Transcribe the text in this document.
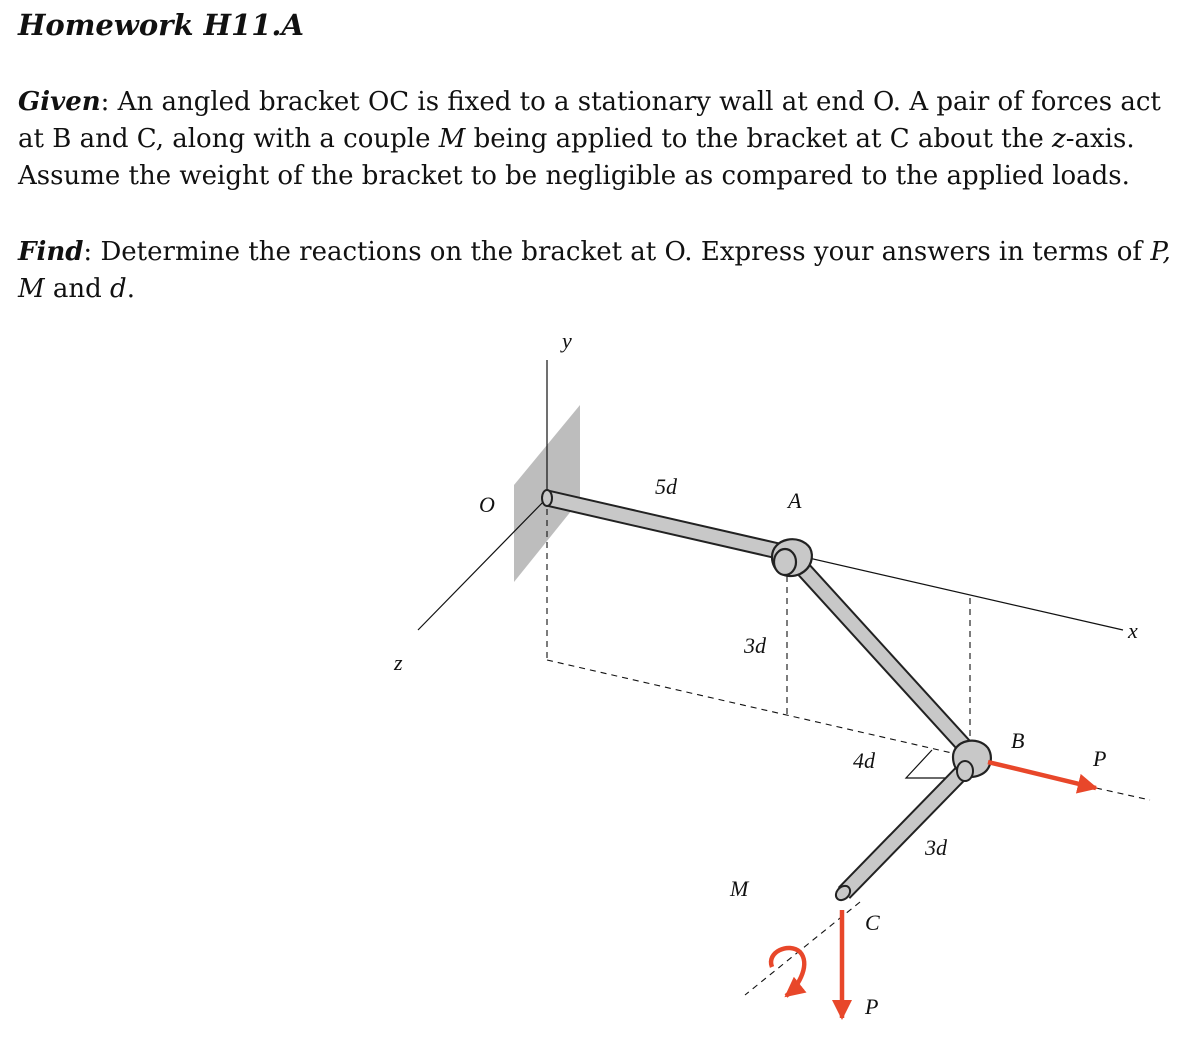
Homework H11.A
Given: An angled bracket OC is fixed to a stationary wall at end O. A pair of forces act at B and C, along with a couple M being applied to the bracket at C about the z-axis. Assume the weight of the bracket to be negligible as compared to the applied loads.
Find: Determine the reactions on the bracket at O. Express your answers in terms of P, M and d.
y
O
z
x
5d
A
3d
4d
B
P
3d
M
C
P
